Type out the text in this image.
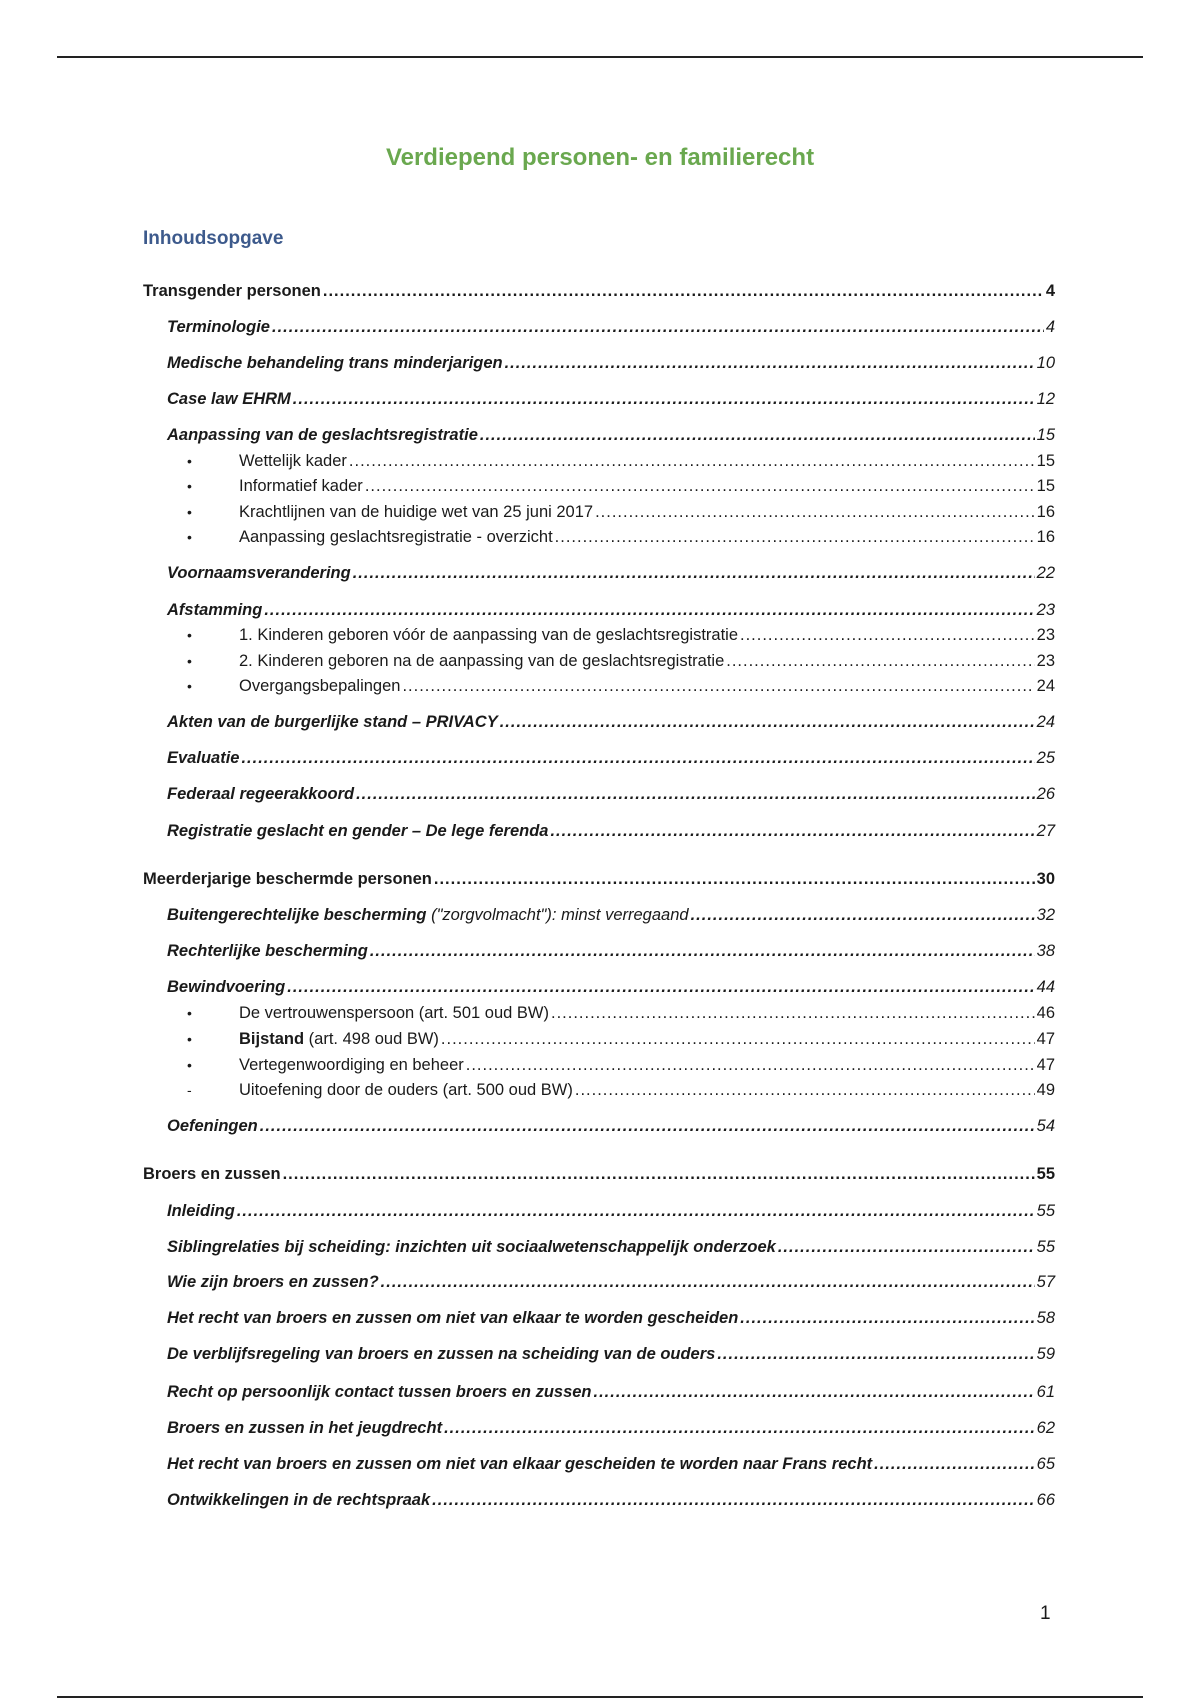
Verdiepend personen- en familierecht
Inhoudsopgave
Transgender personen .....	4
Terminologie .....	4
Medische behandeling trans minderjarigen .....	10
Case law EHRM .....	12
Aanpassing van de geslachtsregistratie .....	15
•	Wettelijk kader .....	15
•	Informatief kader .....	15
•	Krachtlijnen van de huidige wet van 25 juni 2017 .....	16
•	Aanpassing geslachtsregistratie - overzicht .....	16
Voornaamsverandering .....	22
Afstamming .....	23
•	1. Kinderen geboren vóór de aanpassing van de geslachtsregistratie .....	23
•	2. Kinderen geboren na de aanpassing van de geslachtsregistratie .....	23
•	Overgangsbepalingen .....	24
Akten van de burgerlijke stand – PRIVACY .....	24
Evaluatie .....	25
Federaal regeerakkoord .....	26
Registratie geslacht en gender – De lege ferenda .....	27
Meerderjarige beschermde personen .....	30
Buitengerechtelijke bescherming ("zorgvolmacht"): minst verregaand .....	32
Rechterlijke bescherming .....	38
Bewindvoering .....	44
•	De vertrouwenspersoon (art. 501 oud BW) .....	46
•	Bijstand (art. 498 oud BW) .....	47
•	Vertegenwoordiging en beheer .....	47
-	Uitoefening door de ouders (art. 500 oud BW) .....	49
Oefeningen .....	54
Broers en zussen .....	55
Inleiding .....	55
Siblingrelaties bij scheiding: inzichten uit sociaalwetenschappelijk onderzoek .....	55
Wie zijn broers en zussen? .....	57
Het recht van broers en zussen om niet van elkaar te worden gescheiden .....	58
De verblijfsregeling van broers en zussen na scheiding van de ouders .....	59
Recht op persoonlijk contact tussen broers en zussen .....	61
Broers en zussen in het jeugdrecht .....	62
Het recht van broers en zussen om niet van elkaar gescheiden te worden naar Frans recht .....	65
Ontwikkelingen in de rechtspraak .....	66
1
